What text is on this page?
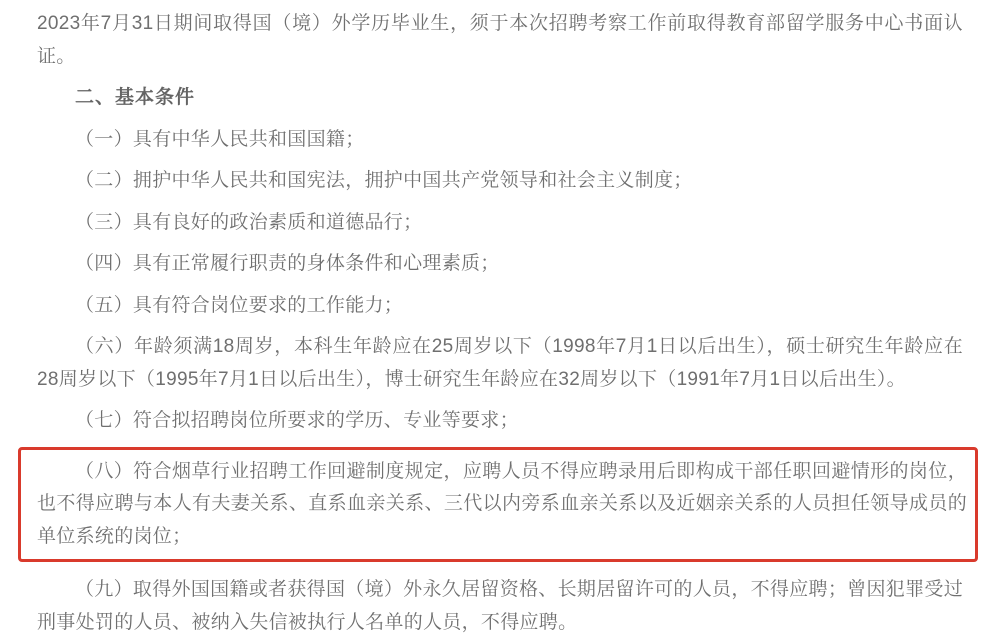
2023年7月31日期间取得国（境）外学历毕业生，须于本次招聘考察工作前取得教育部留学服务中心书面认证。

二、基本条件

（一）具有中华人民共和国国籍；

（二）拥护中华人民共和国宪法，拥护中国共产党领导和社会主义制度；

（三）具有良好的政治素质和道德品行；

（四）具有正常履行职责的身体条件和心理素质；

（五）具有符合岗位要求的工作能力；

（六）年龄须满18周岁，本科生年龄应在25周岁以下（1998年7月1日以后出生），硕士研究生年龄应在28周岁以下（1995年7月1日以后出生），博士研究生年龄应在32周岁以下（1991年7月1日以后出生）。

（七）符合拟招聘岗位所要求的学历、专业等要求；

（八）符合烟草行业招聘工作回避制度规定，应聘人员不得应聘录用后即构成干部任职回避情形的岗位，也不得应聘与本人有夫妻关系、直系血亲关系、三代以内旁系血亲关系以及近姻亲关系的人员担任领导成员的单位系统的岗位；

（九）取得外国国籍或者获得国（境）外永久居留资格、长期居留许可的人员，不得应聘；曾因犯罪受过刑事处罚的人员、被纳入失信被执行人名单的人员，不得应聘。
